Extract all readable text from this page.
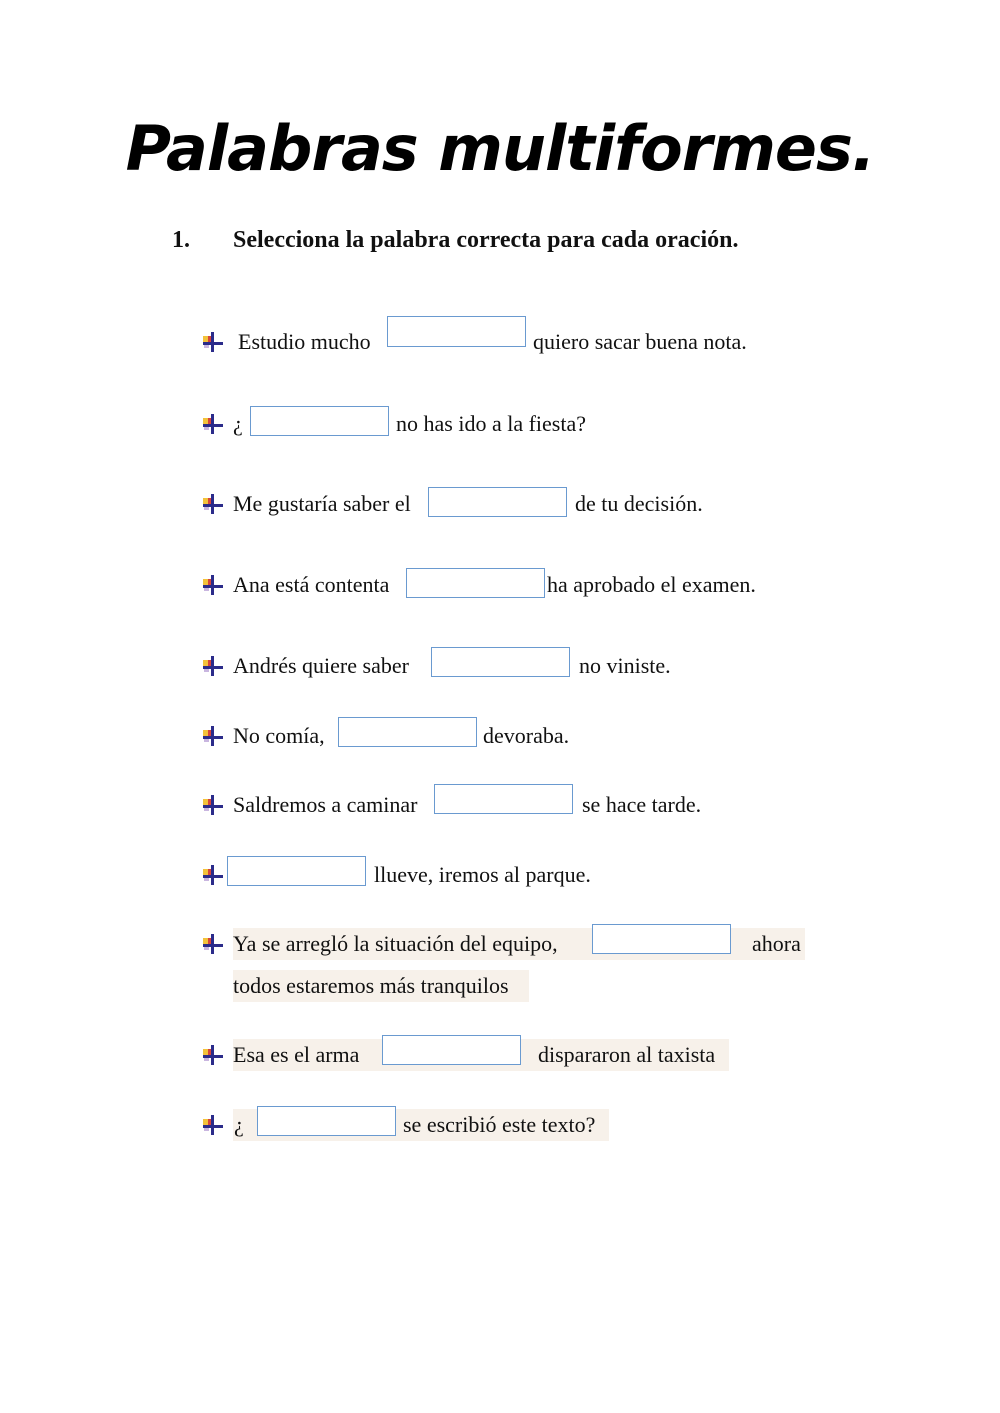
Palabras multiformes.
1. Selecciona la palabra correcta para cada oración.
Estudio mucho	quiero sacar buena nota.
¿	no has ido a la fiesta?
Me gustaría saber el	de tu decisión.
Ana está contenta	ha aprobado el examen.
Andrés quiere saber	no viniste.
No comía,	devoraba.
Saldremos a caminar	se hace tarde.
llueve, iremos al parque.
Ya se arregló la situación del equipo,	ahora
todos estaremos más tranquilos
Esa es el arma	dispararon al taxista
¿	se escribió este texto?
